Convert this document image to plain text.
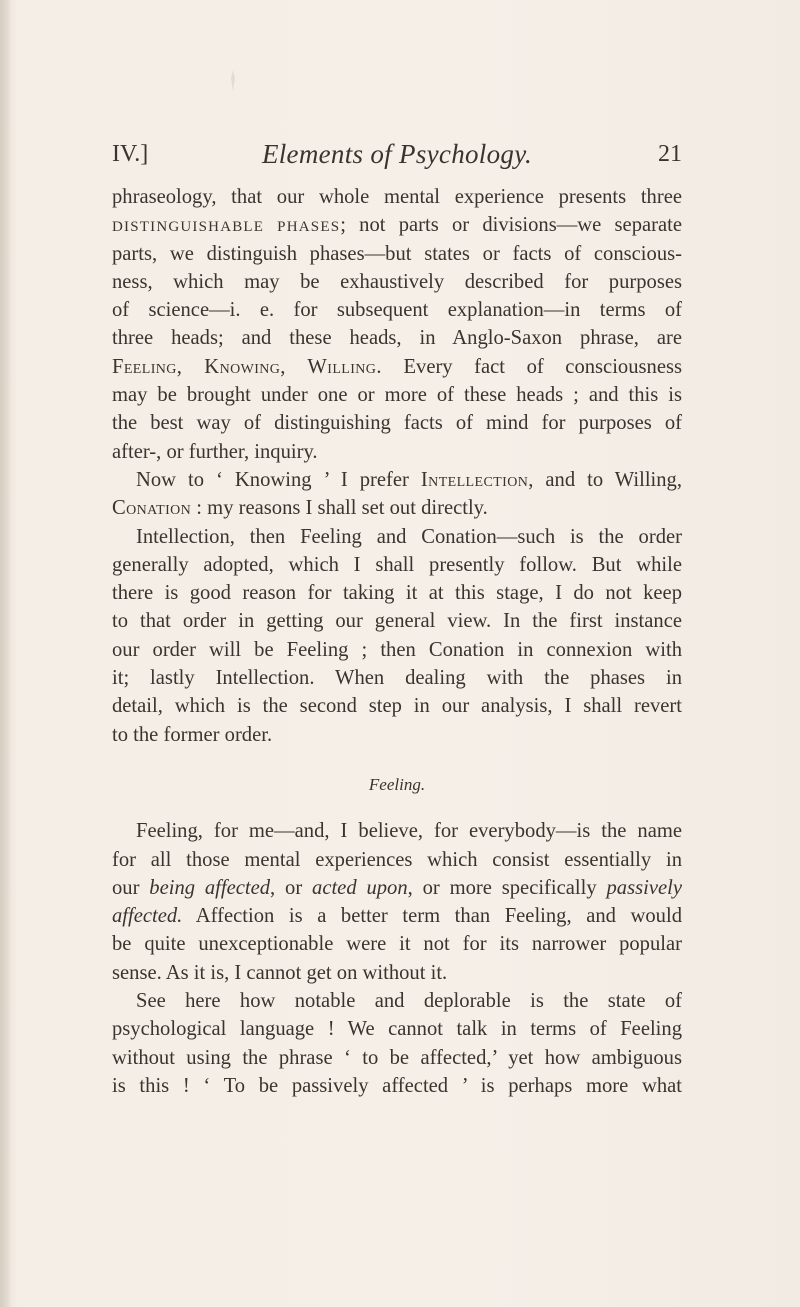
IV.]	Elements of Psychology.	21
phraseology, that our whole mental experience presents three
DISTINGUISHABLE PHASES; not parts or divisions—we separate
parts, we distinguish phases—but states or facts of conscious-
ness, which may be exhaustively described for purposes
of science—i. e. for subsequent explanation—in terms of
three heads; and these heads, in Anglo-Saxon phrase, are
Feeling, Knowing, Willing. Every fact of consciousness
may be brought under one or more of these heads ; and this is
the best way of distinguishing facts of mind for purposes of
after-, or further, inquiry.
Now to ‘ Knowing ’ I prefer Intellection, and to Willing,
Conation : my reasons I shall set out directly.
Intellection, then Feeling and Conation—such is the order
generally adopted, which I shall presently follow. But while
there is good reason for taking it at this stage, I do not keep
to that order in getting our general view. In the first instance
our order will be Feeling ; then Conation in connexion with
it; lastly Intellection. When dealing with the phases in
detail, which is the second step in our analysis, I shall revert
to the former order.
Feeling.
Feeling, for me—and, I believe, for everybody—is the name
for all those mental experiences which consist essentially in
our being affected, or acted upon, or more specifically passively
affected. Affection is a better term than Feeling, and would
be quite unexceptionable were it not for its narrower popular
sense. As it is, I cannot get on without it.
See here how notable and deplorable is the state of
psychological language ! We cannot talk in terms of Feeling
without using the phrase ‘ to be affected,’ yet how ambiguous
is this ! ‘ To be passively affected ’ is perhaps more what
